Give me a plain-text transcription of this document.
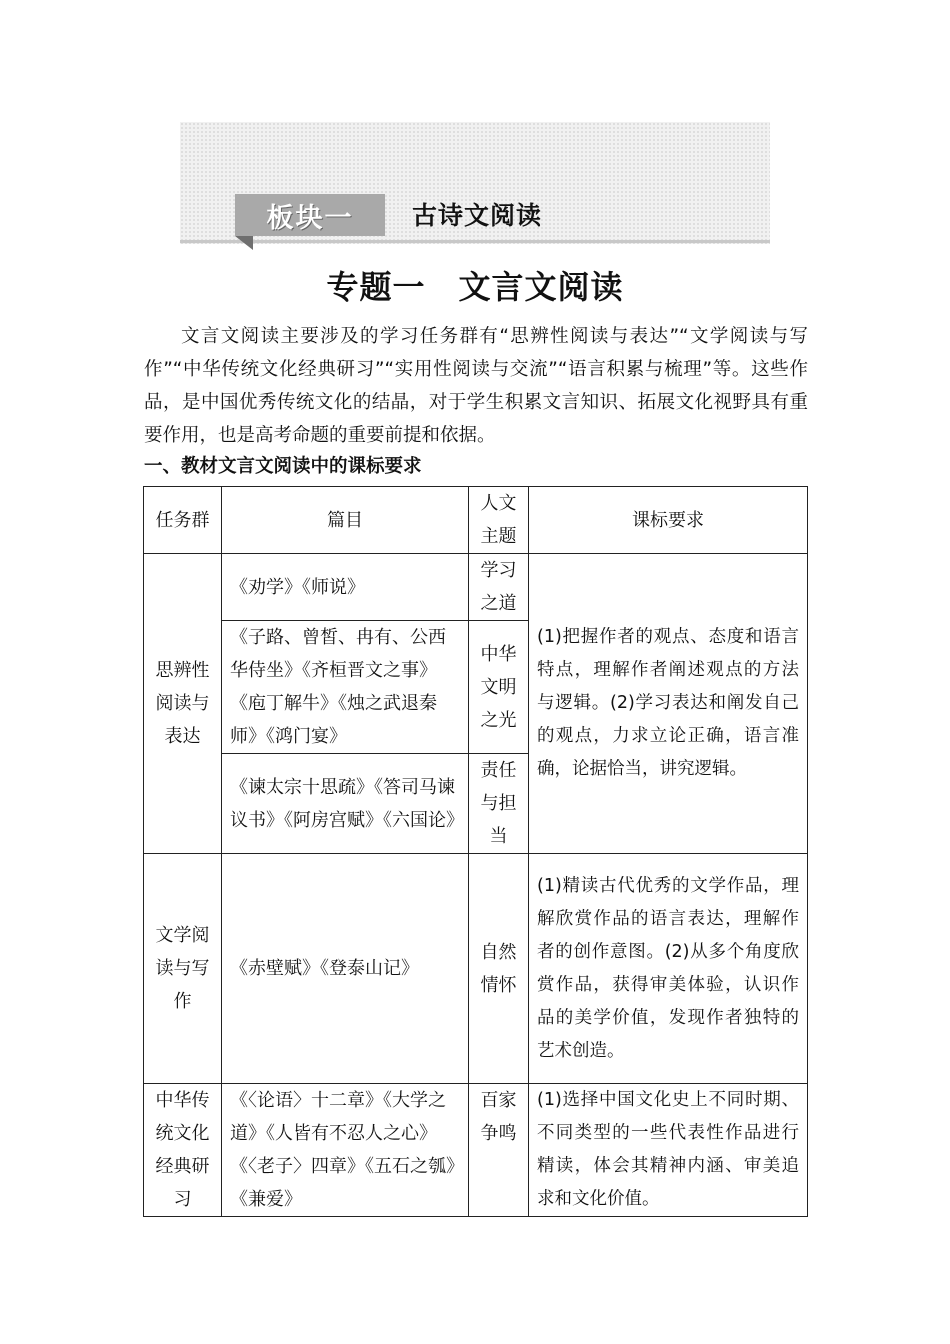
板块一 古诗文阅读
专题一　文言文阅读

文言文阅读主要涉及的学习任务群有“思辨性阅读与表达”“文学阅读与写作”“中华传统文化经典研习”“实用性阅读与交流”“语言积累与梳理”等。这些作品，是中国优秀传统文化的结晶，对于学生积累文言知识、拓展文化视野具有重要作用，也是高考命题的重要前提和依据。

一、教材文言文阅读中的课标要求

任务群	篇目	人文主题	课标要求
思辨性阅读与表达	《劝学》《师说》	学习之道	(1)把握作者的观点、态度和语言特点，理解作者阐述观点的方法与逻辑。(2)学习表达和阐发自己的观点，力求立论正确，语言准确，论据恰当，讲究逻辑。
	《子路、曾皙、冉有、公西华侍坐》《齐桓晋文之事》《庖丁解牛》《烛之武退秦师》《鸿门宴》	中华文明之光	
	《谏太宗十思疏》《答司马谏议书》《阿房宫赋》《六国论》	责任与担当	
文学阅读与写作	《赤壁赋》《登泰山记》	自然情怀	(1)精读古代优秀的文学作品，理解欣赏作品的语言表达，理解作者的创作意图。(2)从多个角度欣赏作品，获得审美体验，认识作品的美学价值，发现作者独特的艺术创造。
中华传统文化经典研习	《〈论语〉十二章》《大学之道》《人皆有不忍人之心》《〈老子〉四章》《五石之瓠》《兼爱》	百家争鸣	(1)选择中国文化史上不同时期、不同类型的一些代表性作品进行精读，体会其精神内涵、审美追求和文化价值。
